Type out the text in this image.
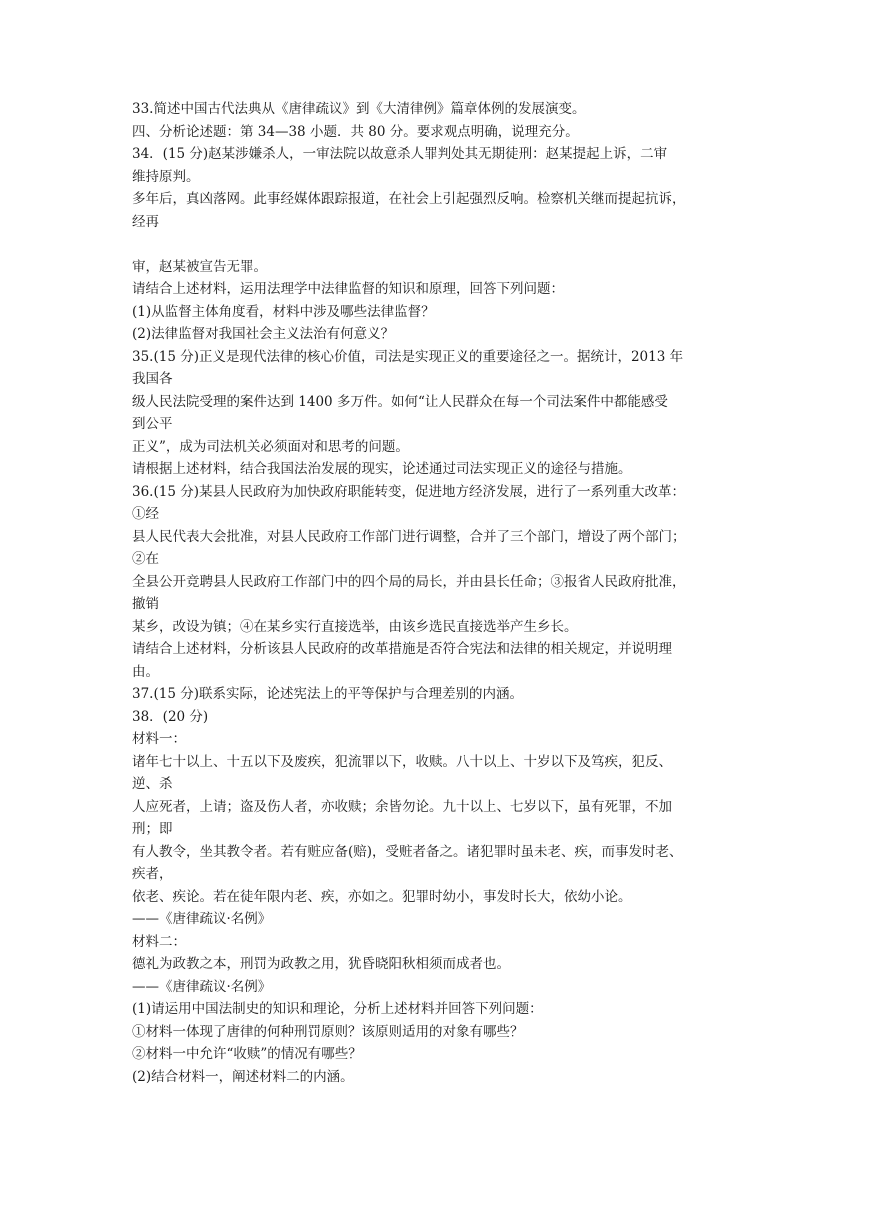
33.简述中国古代法典从《唐律疏议》到《大清律例》篇章体例的发展演变。
四、分析论述题：第 34—38 小题．共 80 分。要求观点明确，说理充分。
34．(15 分)赵某涉嫌杀人，一审法院以故意杀人罪判处其无期徒刑：赵某提起上诉，二审
维持原判。
多年后，真凶落网。此事经媒体跟踪报道，在社会上引起强烈反响。检察机关继而提起抗诉，
经再
审，赵某被宣告无罪。
请结合上述材料，运用法理学中法律监督的知识和原理，回答下列问题：
(1)从监督主体角度看，材料中涉及哪些法律监督？
(2)法律监督对我国社会主义法治有何意义？
35.(15 分)正义是现代法律的核心价值，司法是实现正义的重要途径之一。据统计，2013 年
我国各
级人民法院受理的案件达到 1400 多万件。如何“让人民群众在每一个司法案件中都能感受
到公平
正义”，成为司法机关必须面对和思考的问题。
请根据上述材料，结合我国法治发展的现实，论述通过司法实现正义的途径与措施。
36.(15 分)某县人民政府为加快政府职能转变，促进地方经济发展，进行了一系列重大改革：
①经
县人民代表大会批准，对县人民政府工作部门进行调整，合并了三个部门，增设了两个部门；
②在
全县公开竞聘县人民政府工作部门中的四个局的局长，并由县长任命；③报省人民政府批准，
撤销
某乡，改设为镇；④在某乡实行直接选举，由该乡选民直接选举产生乡长。
请结合上述材料，分析该县人民政府的改革措施是否符合宪法和法律的相关规定，并说明理
由。
37.(15 分)联系实际，论述宪法上的平等保护与合理差别的内涵。
38．(20 分)
材料一：
诸年七十以上、十五以下及废疾，犯流罪以下，收赎。八十以上、十岁以下及笃疾，犯反、
逆、杀
人应死者，上请；盗及伤人者，亦收赎；余皆勿论。九十以上、七岁以下，虽有死罪，不加
刑；即
有人教令，坐其教令者。若有赃应备(赔)，受赃者备之。诸犯罪时虽未老、疾，而事发时老、
疾者，
依老、疾论。若在徒年限内老、疾，亦如之。犯罪时幼小，事发时长大，依幼小论。
——《唐律疏议·名例》
材料二：
德礼为政教之本，刑罚为政教之用，犹昏晓阳秋相须而成者也。
——《唐律疏议·名例》
(1)请运用中国法制史的知识和理论，分析上述材料并回答下列问题：
①材料一体现了唐律的何种刑罚原则？该原则适用的对象有哪些？
②材料一中允许“收赎”的情况有哪些？
(2)结合材料一，阐述材料二的内涵。
